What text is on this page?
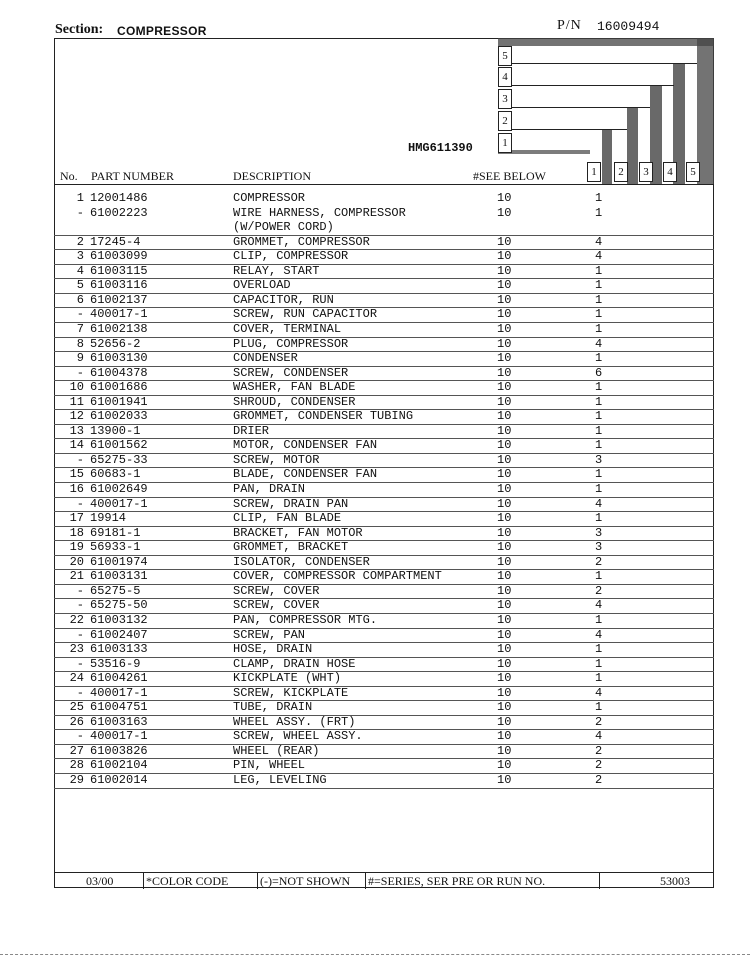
Section: COMPRESSOR	P/N 16009494
5
4
3
2
1
1	2	3	4	5
HMG611390
No. PART NUMBER	DESCRIPTION	#SEE BELOW
1 12001486	COMPRESSOR	10	1
- 61002223	WIRE HARNESS, COMPRESSOR	10	1
(W/POWER CORD)
2 17245-4	GROMMET, COMPRESSOR	10	4
3 61003099	CLIP, COMPRESSOR	10	4
4 61003115	RELAY, START	10	1
5 61003116	OVERLOAD	10	1
6 61002137	CAPACITOR, RUN	10	1
- 400017-1	SCREW, RUN CAPACITOR	10	1
7 61002138	COVER, TERMINAL	10	1
8 52656-2	PLUG, COMPRESSOR	10	4
9 61003130	CONDENSER	10	1
- 61004378	SCREW, CONDENSER	10	6
10 61001686	WASHER, FAN BLADE	10	1
11 61001941	SHROUD, CONDENSER	10	1
12 61002033	GROMMET, CONDENSER TUBING	10	1
13 13900-1	DRIER	10	1
14 61001562	MOTOR, CONDENSER FAN	10	1
- 65275-33	SCREW, MOTOR	10	3
15 60683-1	BLADE, CONDENSER FAN	10	1
16 61002649	PAN, DRAIN	10	1
- 400017-1	SCREW, DRAIN PAN	10	4
17 19914	CLIP, FAN BLADE	10	1
18 69181-1	BRACKET, FAN MOTOR	10	3
19 56933-1	GROMMET, BRACKET	10	3
20 61001974	ISOLATOR, CONDENSER	10	2
21 61003131	COVER, COMPRESSOR COMPARTMENT	10	1
- 65275-5	SCREW, COVER	10	2
- 65275-50	SCREW, COVER	10	4
22 61003132	PAN, COMPRESSOR MTG.	10	1
- 61002407	SCREW, PAN	10	4
23 61003133	HOSE, DRAIN	10	1
- 53516-9	CLAMP, DRAIN HOSE	10	1
24 61004261	KICKPLATE (WHT)	10	1
- 400017-1	SCREW, KICKPLATE	10	4
25 61004751	TUBE, DRAIN	10	1
26 61003163	WHEEL ASSY. (FRT)	10	2
- 400017-1	SCREW, WHEEL ASSY.	10	4
27 61003826	WHEEL (REAR)	10	2
28 61002104	PIN, WHEEL	10	2
29 61002014	LEG, LEVELING	10	2
03/00	*COLOR CODE	(-)=NOT SHOWN #=SERIES, SER PRE OR RUN NO.	53003
